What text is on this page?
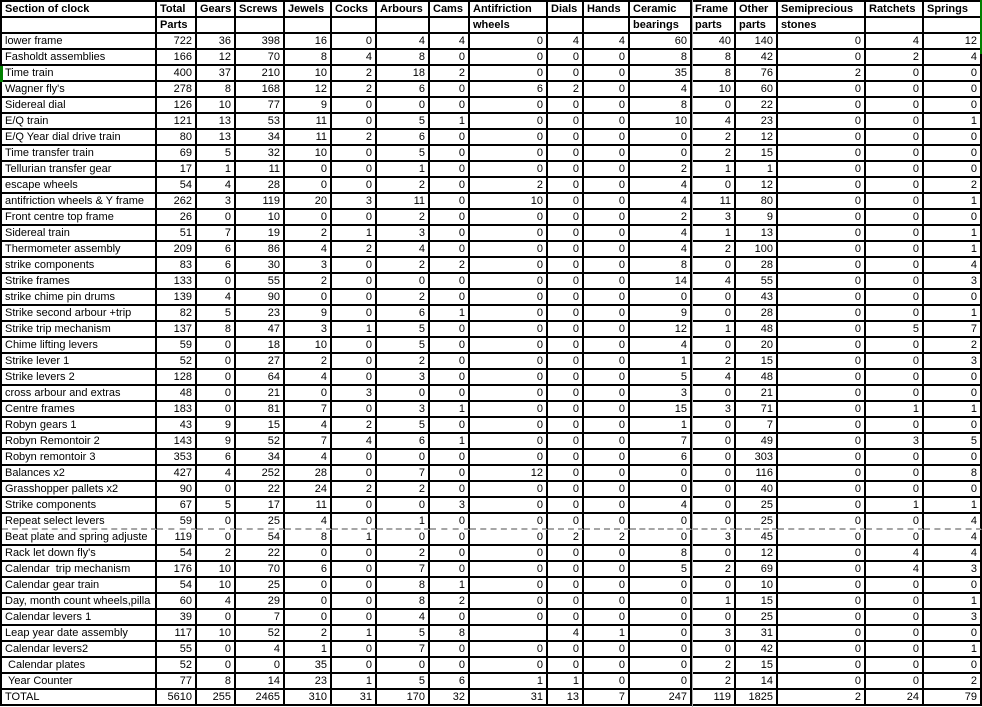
Section of clock	Total	Gears	Screws	Jewels	Cocks	Arbours	Cams	Antifriction	Dials	Hands	Ceramic	Frame	Other	Semiprecious	Ratchets	Springs
	Parts							wheels			bearings	parts	parts	stones		
lower frame	722	36	398	16	0	4	4	0	4	4	60	40	140	0	4	12
Fasholdt assemblies	166	12	70	8	4	8	0	0	0	0	8	8	42	0	2	4
Time train	400	37	210	10	2	18	2	0	0	0	35	8	76	2	0	0
Wagner fly's	278	8	168	12	2	6	0	6	2	0	4	10	60	0	0	0
Sidereal dial	126	10	77	9	0	0	0	0	0	0	8	0	22	0	0	0
E/Q train	121	13	53	11	0	5	1	0	0	0	10	4	23	0	0	1
E/Q Year dial drive train	80	13	34	11	2	6	0	0	0	0	0	2	12	0	0	0
Time transfer train	69	5	32	10	0	5	0	0	0	0	0	2	15	0	0	0
Tellurian transfer gear	17	1	11	0	0	1	0	0	0	0	2	1	1	0	0	0
escape wheels	54	4	28	0	0	2	0	2	0	0	4	0	12	0	0	2
antifriction wheels & Y frame	262	3	119	20	3	11	0	10	0	0	4	11	80	0	0	1
Front centre top frame	26	0	10	0	0	2	0	0	0	0	2	3	9	0	0	0
Sidereal train	51	7	19	2	1	3	0	0	0	0	4	1	13	0	0	1
Thermometer assembly	209	6	86	4	2	4	0	0	0	0	4	2	100	0	0	1
strike components	83	6	30	3	0	2	2	0	0	0	8	0	28	0	0	4
Strike frames	133	0	55	2	0	0	0	0	0	0	14	4	55	0	0	3
strike chime pin drums	139	4	90	0	0	2	0	0	0	0	0	0	43	0	0	0
Strike second arbour +trip	82	5	23	9	0	6	1	0	0	0	9	0	28	0	0	1
Strike trip mechanism	137	8	47	3	1	5	0	0	0	0	12	1	48	0	5	7
Chime lifting levers	59	0	18	10	0	5	0	0	0	0	4	0	20	0	0	2
Strike lever 1	52	0	27	2	0	2	0	0	0	0	1	2	15	0	0	3
Strike levers 2	128	0	64	4	0	3	0	0	0	0	5	4	48	0	0	0
cross arbour and extras	48	0	21	0	3	0	0	0	0	0	3	0	21	0	0	0
Centre frames	183	0	81	7	0	3	1	0	0	0	15	3	71	0	1	1
Robyn gears 1	43	9	15	4	2	5	0	0	0	0	1	0	7	0	0	0
Robyn Remontoir 2	143	9	52	7	4	6	1	0	0	0	7	0	49	0	3	5
Robyn remontoir 3	353	6	34	4	0	0	0	0	0	0	6	0	303	0	0	0
Balances x2	427	4	252	28	0	7	0	12	0	0	0	0	116	0	0	8
Grasshopper pallets x2	90	0	22	24	2	2	0	0	0	0	0	0	40	0	0	0
Strike components	67	5	17	11	0	0	3	0	0	0	4	0	25	0	1	1
Repeat select levers	59	0	25	4	0	1	0	0	0	0	0	0	25	0	0	4
Beat plate and spring adjuste	119	0	54	8	1	0	0	0	2	2	0	3	45	0	0	4
Rack let down fly's	54	2	22	0	0	2	0	0	0	0	8	0	12	0	4	4
Calendar  trip mechanism	176	10	70	6	0	7	0	0	0	0	5	2	69	0	4	3
Calendar gear train	54	10	25	0	0	8	1	0	0	0	0	0	10	0	0	0
Day, month count wheels,pilla	60	4	29	0	0	8	2	0	0	0	0	1	15	0	0	1
Calendar levers 1	39	0	7	0	0	4	0	0	0	0	0	0	25	0	0	3
Leap year date assembly	117	10	52	2	1	5	8		4	1	0	3	31	0	0	0
Calendar levers2	55	0	4	1	0	7	0	0	0	0	0	0	42	0	0	1
Calendar plates	52	0	0	35	0	0	0	0	0	0	0	2	15	0	0	0
Year Counter	77	8	14	23	1	5	6	1	1	0	0	2	14	0	0	2
TOTAL	5610	255	2465	310	31	170	32	31	13	7	247	119	1825	2	24	79
